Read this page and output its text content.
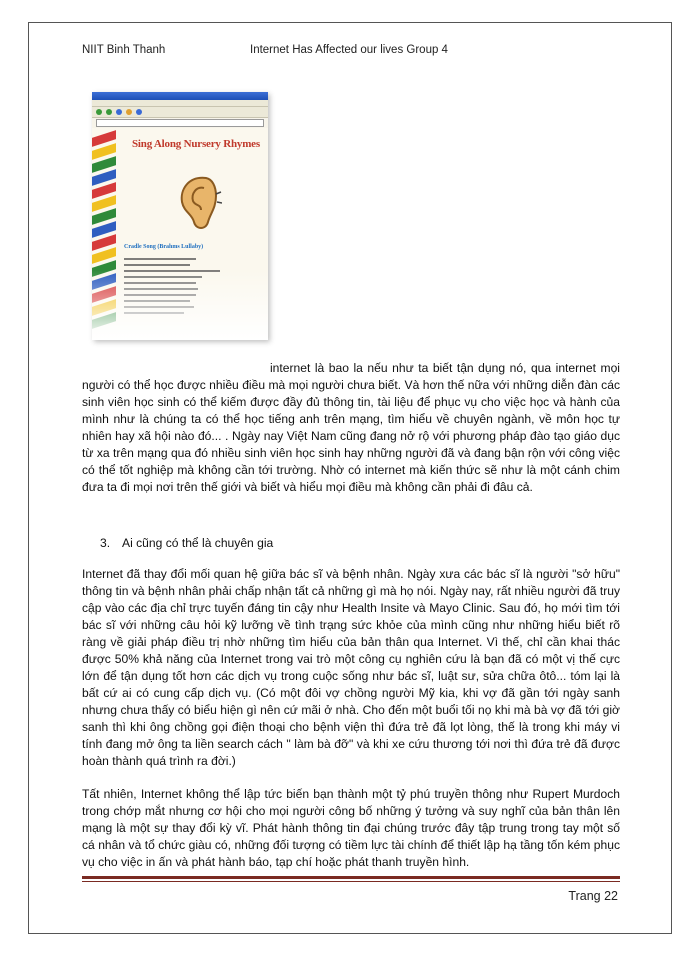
NIIT Binh Thanh	Internet Has Affected our lives Group 4
Sing Along Nursery Rhymes
Cradle Song (Brahms Lullaby)
internet là bao la nếu như ta biết tận dụng nó, qua internet mọi người có thể học được nhiều điều mà mọi người chưa biết. Và hơn thế nữa với những diễn đàn các sinh viên học sinh có thể kiếm được đầy đủ thông tin, tài liệu để phục vụ cho việc học và hành của mình như là chúng ta có thể học tiếng anh trên mạng, tìm hiểu về chuyên ngành, về môn học tự nhiên hay xã hội nào đó... . Ngày nay Việt Nam cũng đang nở rộ với phương pháp đào tạo giáo dục từ xa trên mạng qua đó nhiều sinh viên học sinh hay những người đã và đang bận rộn với công việc có thể tốt nghiệp mà không cần tới trường. Nhờ có internet mà kiến thức sẽ như là một cánh chim đưa ta đi mọi nơi trên thế giới và biết và hiểu mọi điều mà không cần phải đi đâu cả.
3. Ai cũng có thể là chuyên gia
Internet đã thay đổi mối quan hệ giữa bác sĩ và bệnh nhân. Ngày xưa các bác sĩ là người "sở hữu" thông tin và bệnh nhân phải chấp nhận tất cả những gì mà họ nói. Ngày nay, rất nhiều người đã truy cập vào các địa chỉ trực tuyến đáng tin cậy như Health Insite và Mayo Clinic. Sau đó, họ mới tìm tới bác sĩ với những câu hỏi kỹ lưỡng về tình trạng sức khỏe của mình cũng như những hiểu biết rõ ràng về giải pháp điều trị nhờ những tìm hiểu của bản thân qua Internet. Vì thế, chỉ cần khai thác được 50% khả năng của Internet trong vai trò một công cụ nghiên cứu là bạn đã có một vị thế cực lớn để tận dụng tốt hơn các dịch vụ trong cuộc sống như bác sĩ, luật sư, sửa chữa ôtô... tóm lại là bất cứ ai có cung cấp dịch vụ. (Có một đôi vợ chồng người Mỹ kia, khi vợ đã gần tới ngày sanh nhưng chưa thấy có biểu hiện gì nên cứ mãi ở nhà. Cho đến một buổi tối nọ khi mà bà vợ đã tới giờ sanh thì khi ông chồng gọi điện thoại cho bệnh viện thì đứa trẻ đã lọt lòng, thế là trong khi máy vi tính đang mở ông ta liền search cách " làm bà đỡ" và khi xe cứu thương tới nơi thì đứa trẻ đã được hoàn thành quá trình ra đời.)
Tất nhiên, Internet không thể lập tức biến bạn thành một tỷ phú truyền thông như Rupert Murdoch trong chớp mắt nhưng cơ hội cho mọi người công bố những ý tưởng và suy nghĩ của bản thân lên mạng là một sự thay đổi kỳ vĩ. Phát hành thông tin đại chúng trước đây tập trung trong tay một số cá nhân và tổ chức giàu có, những đối tượng có tiềm lực tài chính để thiết lập hạ tầng tốn kém phục vụ cho việc in ấn và phát hành báo, tạp chí hoặc phát thanh truyền hình.
Trang 22
